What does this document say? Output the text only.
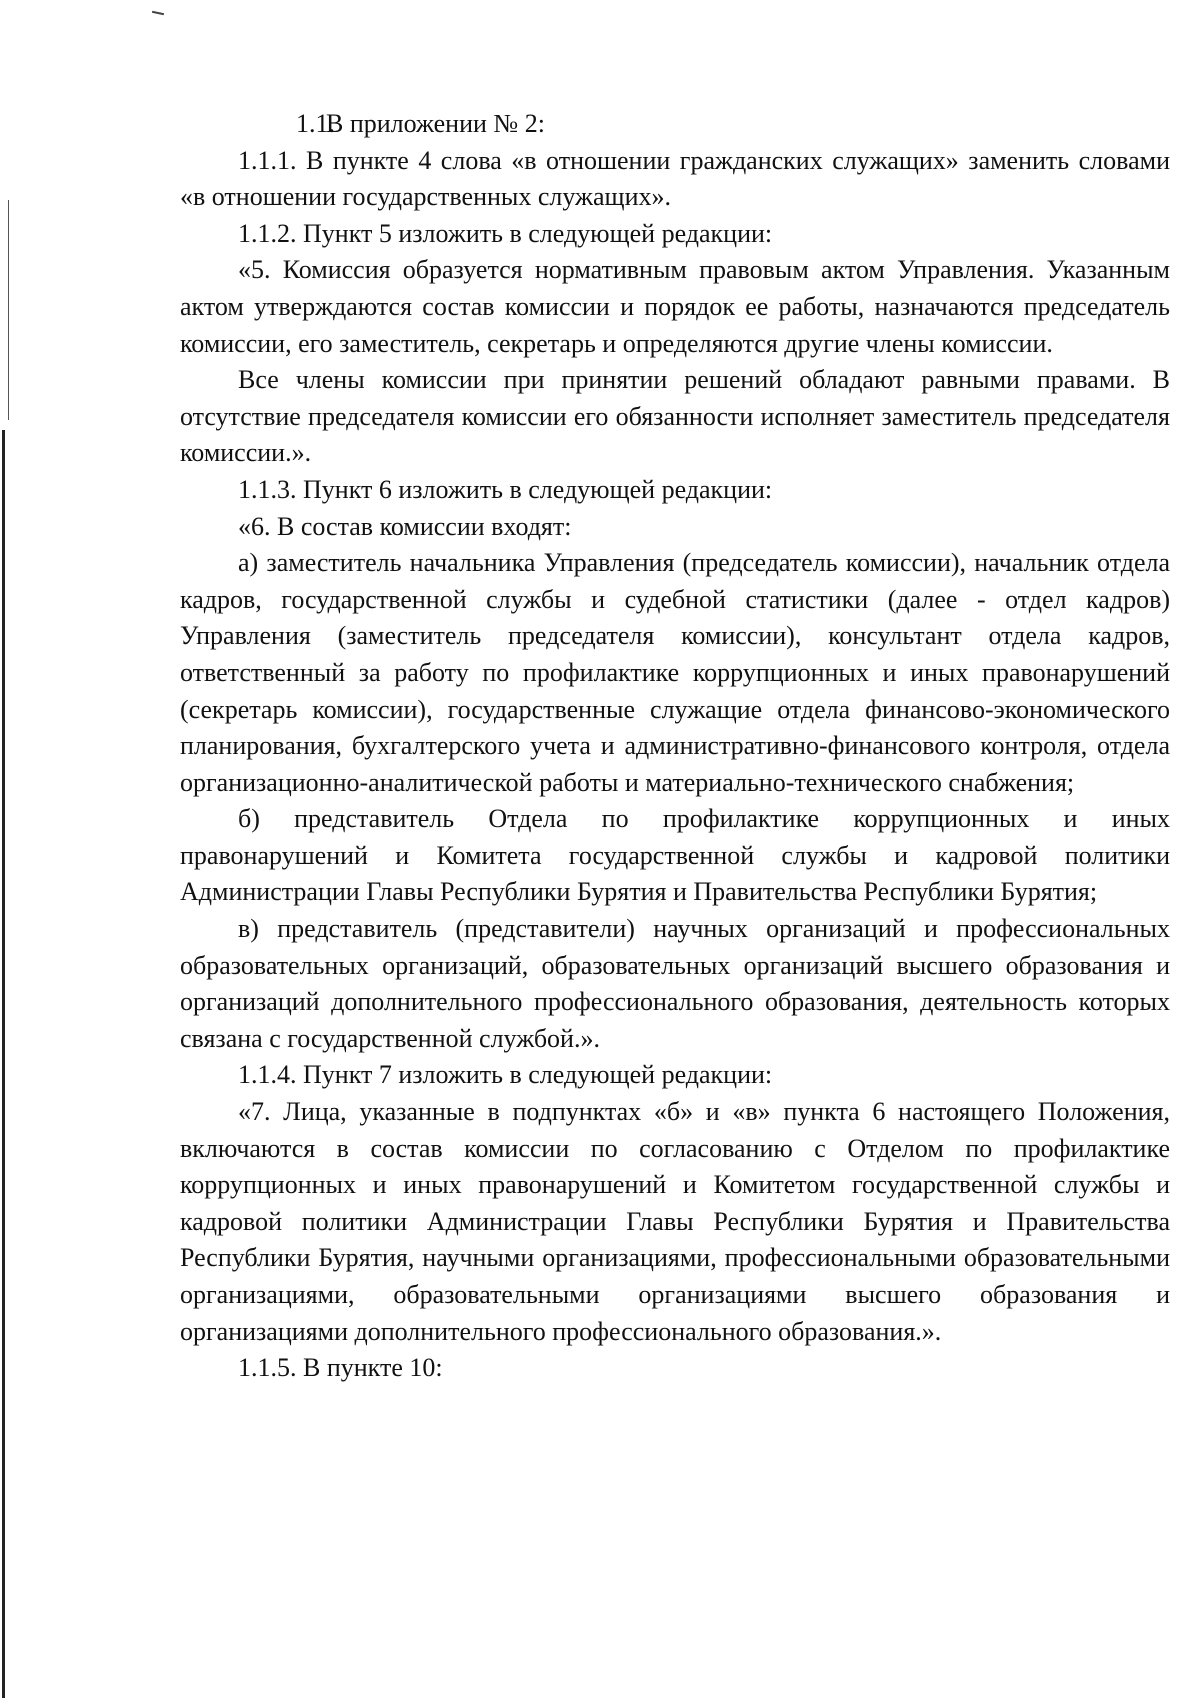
1.1.В приложении № 2:

1.1.1. В пункте 4 слова «в отношении гражданских служащих» заменить словами «в отношении государственных служащих».

1.1.2. Пункт 5 изложить в следующей редакции:

«5. Комиссия образуется нормативным правовым актом Управления. Указанным актом утверждаются состав комиссии и порядок ее работы, назначаются председатель комиссии, его заместитель, секретарь и определяются другие члены комиссии.

Все члены комиссии при принятии решений обладают равными правами. В отсутствие председателя комиссии его обязанности исполняет заместитель председателя комиссии.».

1.1.3. Пункт 6 изложить в следующей редакции:

«6. В состав комиссии входят:

а) заместитель начальника Управления (председатель комиссии), начальник отдела кадров, государственной службы и судебной статистики (далее - отдел кадров) Управления (заместитель председателя комиссии), консультант отдела кадров, ответственный за работу по профилактике коррупционных и иных правонарушений (секретарь комиссии), государственные служащие отдела финансово-экономического планирования, бухгалтерского учета и административно-финансового контроля, отдела организационно-аналитической работы и материально-технического снабжения;

б) представитель Отдела по профилактике коррупционных и иных правонарушений и Комитета государственной службы и кадровой политики Администрации Главы Республики Бурятия и Правительства Республики Бурятия;

в) представитель (представители) научных организаций и профессиональных образовательных организаций, образовательных организаций высшего образования и организаций дополнительного профессионального образования, деятельность которых связана с государственной службой.».

1.1.4. Пункт 7 изложить в следующей редакции:

«7. Лица, указанные в подпунктах «б» и «в» пункта 6 настоящего Положения, включаются в состав комиссии по согласованию с Отделом по профилактике коррупционных и иных правонарушений и Комитетом государственной службы и кадровой политики Администрации Главы Республики Бурятия и Правительства Республики Бурятия, научными организациями, профессиональными образовательными организациями, образовательными организациями высшего образования и организациями дополнительного профессионального образования.».

1.1.5. В пункте 10:
